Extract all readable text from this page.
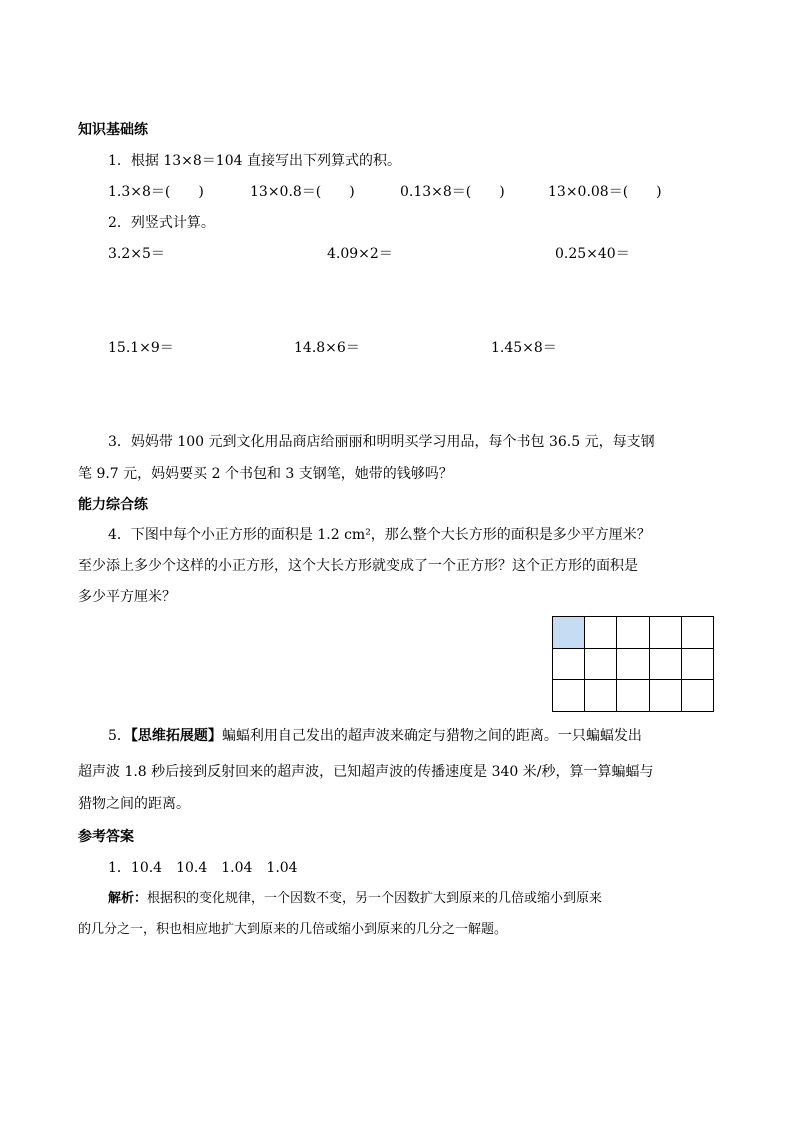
知识基础练
1．根据 13×8＝104 直接写出下列算式的积。
1.3×8＝(　　)	13×0.8＝(　　)	0.13×8＝(　　)	13×0.08＝(　　)
2．列竖式计算。
3.2×5＝	4.09×2＝	0.25×40＝
15.1×9＝	14.8×6＝	1.45×8＝
3．妈妈带 100 元到文化用品商店给丽丽和明明买学习用品，每个书包 36.5 元，每支钢
笔 9.7 元，妈妈要买 2 个书包和 3 支钢笔，她带的钱够吗？
能力综合练
4．下图中每个小正方形的面积是 1.2 cm²，那么整个大长方形的面积是多少平方厘米？
至少添上多少个这样的小正方形，这个大长方形就变成了一个正方形？这个正方形的面积是
多少平方厘米？
5．【思维拓展题】蝙蝠利用自己发出的超声波来确定与猎物之间的距离。一只蝙蝠发出
超声波 1.8 秒后接到反射回来的超声波，已知超声波的传播速度是 340 米/秒，算一算蝙蝠与
猎物之间的距离。
参考答案
1．10.4　10.4　1.04　1.04
解析：根据积的变化规律，一个因数不变，另一个因数扩大到原来的几倍或缩小到原来
的几分之一，积也相应地扩大到原来的几倍或缩小到原来的几分之一解题。
